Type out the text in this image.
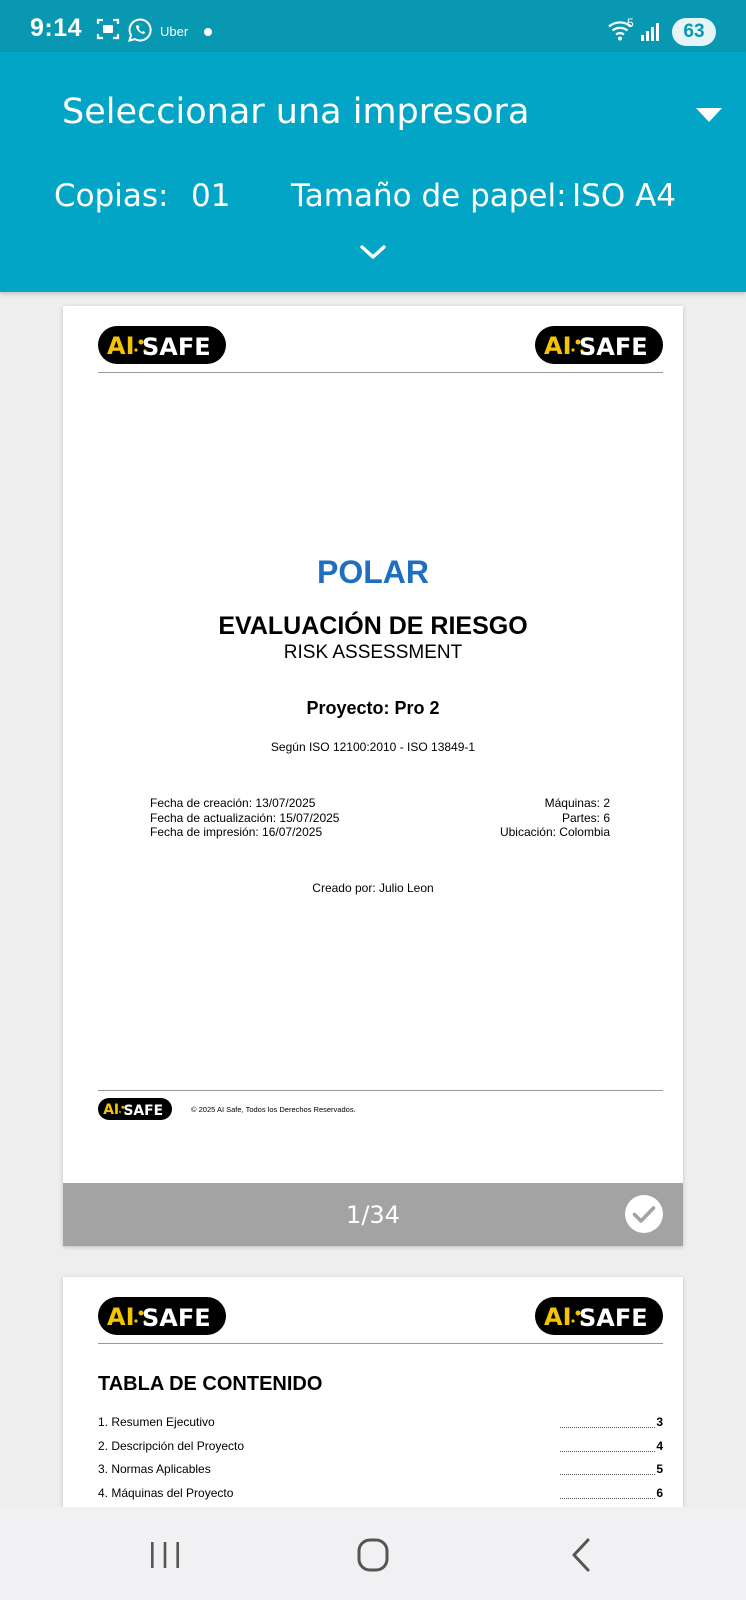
9:14	Uber
5	63
Seleccionar una impresora
Copias: 01 Tamaño de papel: ISO A4
AI SAFE	AI SAFE
POLAR
EVALUACIÓN DE RIESGO
RISK ASSESSMENT
Proyecto: Pro 2
Según ISO 12100:2010 - ISO 13849-1
Fecha de creación: 13/07/2025
Fecha de actualización: 15/07/2025
Fecha de impresión: 16/07/2025
Máquinas: 2
Partes: 6
Ubicación: Colombia
Creado por: Julio Leon
AI SAFE	© 2025 AI Safe, Todos los Derechos Reservados.
1/34
AI SAFE	AI SAFE
TABLA DE CONTENIDO
1. Resumen Ejecutivo	3
2. Descripción del Proyecto	4
3. Normas Aplicables	5
4. Máquinas del Proyecto	6
